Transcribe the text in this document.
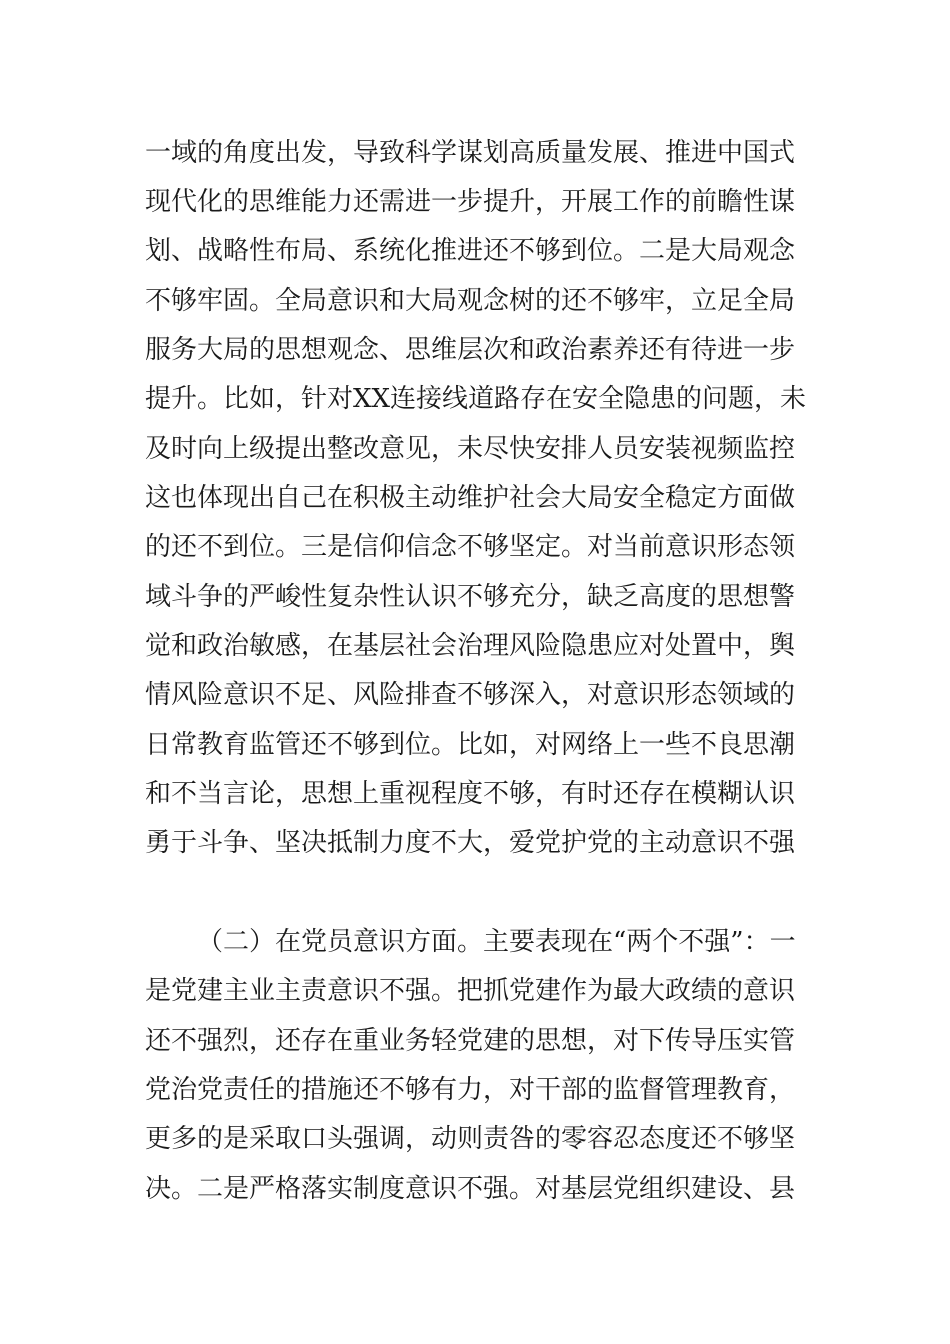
一域的角度出发，导致科学谋划高质量发展、推进中国式
现代化的思维能力还需进一步提升，开展工作的前瞻性谋
划、战略性布局、系统化推进还不够到位。二是大局观念
不够牢固。全局意识和大局观念树的还不够牢，立足全局
服务大局的思想观念、思维层次和政治素养还有待进一步
提升。比如，针对XX连接线道路存在安全隐患的问题，未
及时向上级提出整改意见，未尽快安排人员安装视频监控
这也体现出自己在积极主动维护社会大局安全稳定方面做
的还不到位。三是信仰信念不够坚定。对当前意识形态领
域斗争的严峻性复杂性认识不够充分，缺乏高度的思想警
觉和政治敏感，在基层社会治理风险隐患应对处置中，舆
情风险意识不足、风险排查不够深入，对意识形态领域的
日常教育监管还不够到位。比如，对网络上一些不良思潮
和不当言论，思想上重视程度不够，有时还存在模糊认识
勇于斗争、坚决抵制力度不大，爱党护党的主动意识不强
（二）在党员意识方面。主要表现在“两个不强”：一
是党建主业主责意识不强。把抓党建作为最大政绩的意识
还不强烈，还存在重业务轻党建的思想，对下传导压实管
党治党责任的措施还不够有力，对干部的监督管理教育，
更多的是采取口头强调，动则责咎的零容忍态度还不够坚
决。二是严格落实制度意识不强。对基层党组织建设、县
